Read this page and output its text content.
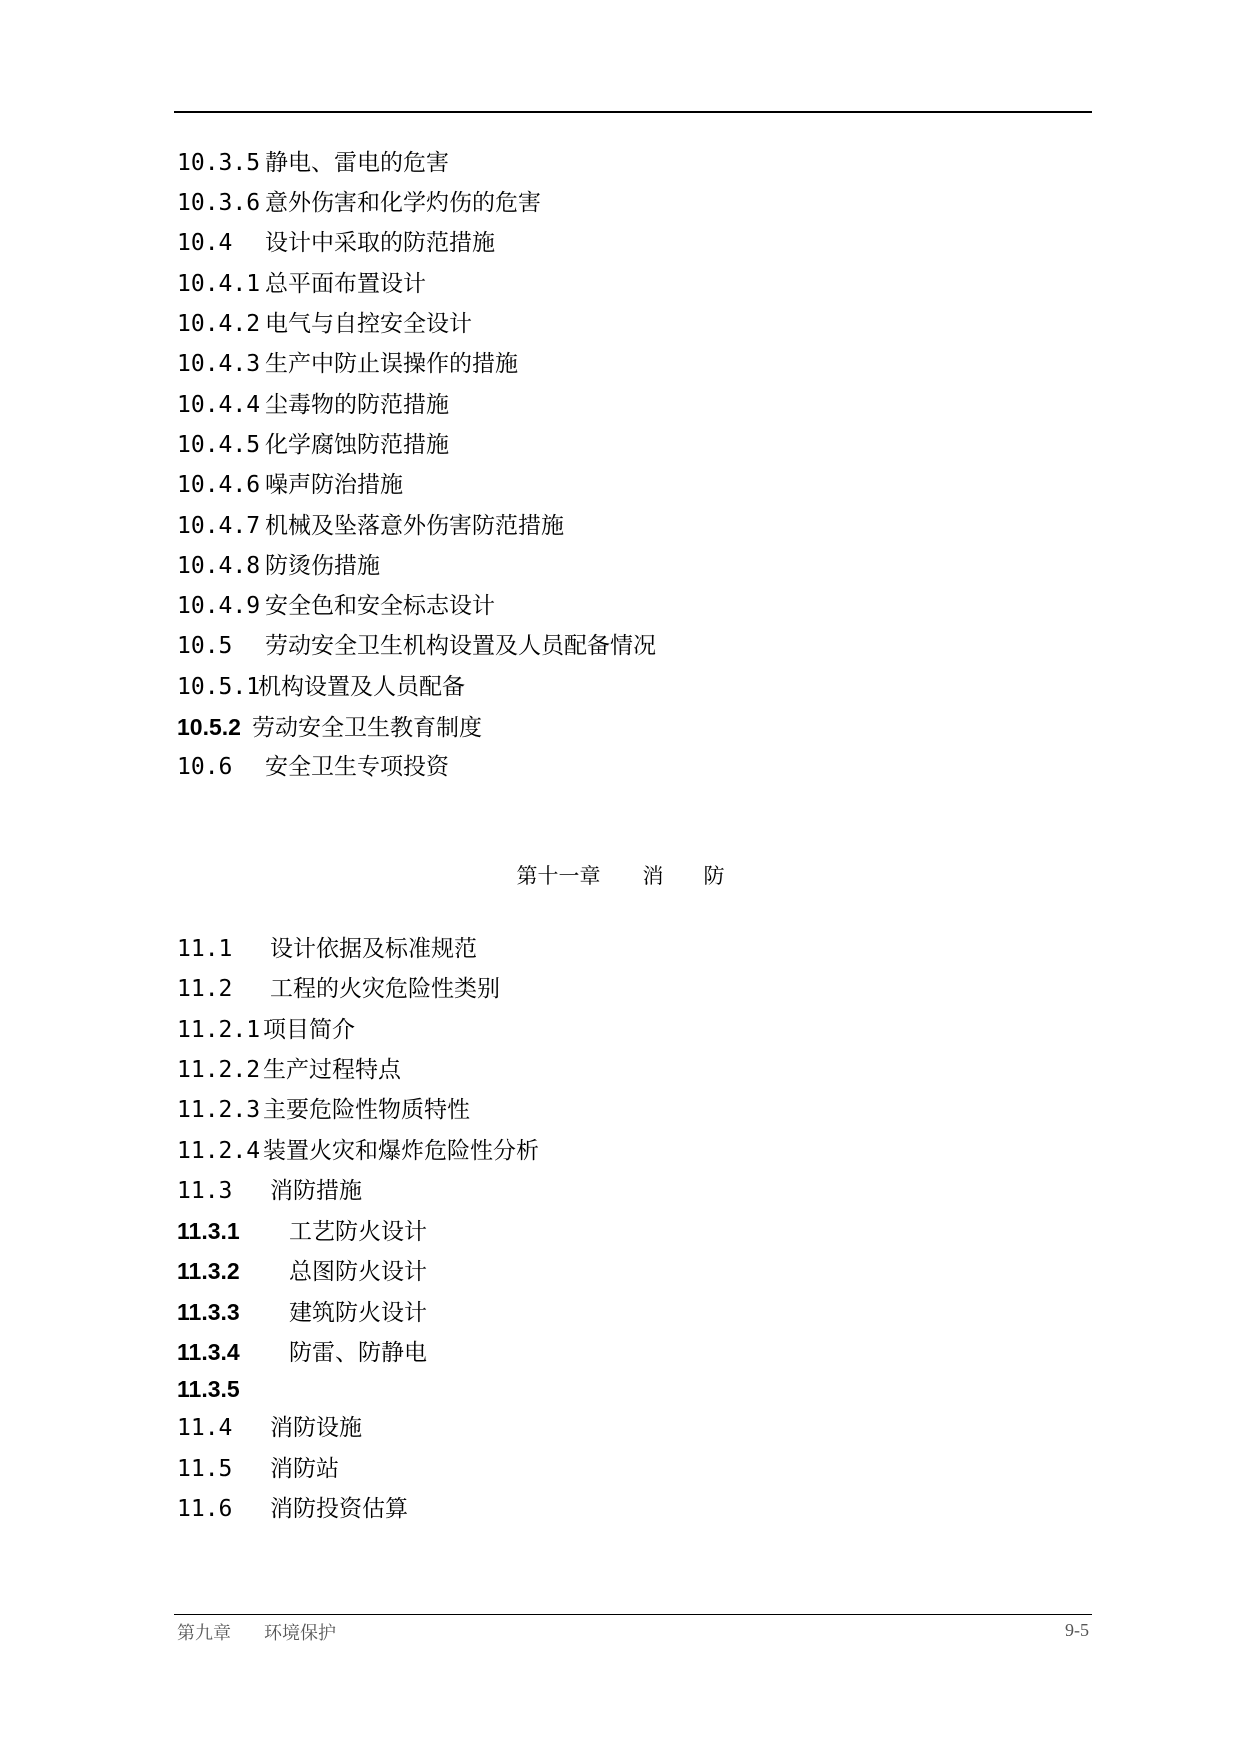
10.3.5 静电、雷电的危害
10.3.6 意外伤害和化学灼伤的危害
10.4 设计中采取的防范措施
10.4.1 总平面布置设计
10.4.2 电气与自控安全设计
10.4.3 生产中防止误操作的措施
10.4.4 尘毒物的防范措施
10.4.5 化学腐蚀防范措施
10.4.6 噪声防治措施
10.4.7 机械及坠落意外伤害防范措施
10.4.8 防烫伤措施
10.4.9 安全色和安全标志设计
10.5 劳动安全卫生机构设置及人员配备情况
10.5.1机构设置及人员配备
10.5.2 劳动安全卫生教育制度
10.6 安全卫生专项投资
第十一章 消 防
11.1 设计依据及标准规范
11.2 工程的火灾危险性类别
11.2.1 项目简介
11.2.2 生产过程特点
11.2.3 主要危险性物质特性
11.2.4 装置火灾和爆炸危险性分析
11.3 消防措施
11.3.1 工艺防火设计
11.3.2 总图防火设计
11.3.3 建筑防火设计
11.3.4 防雷、防静电
11.3.5
11.4 消防设施
11.5 消防站
11.6 消防投资估算
第九章 环境保护	9-5
